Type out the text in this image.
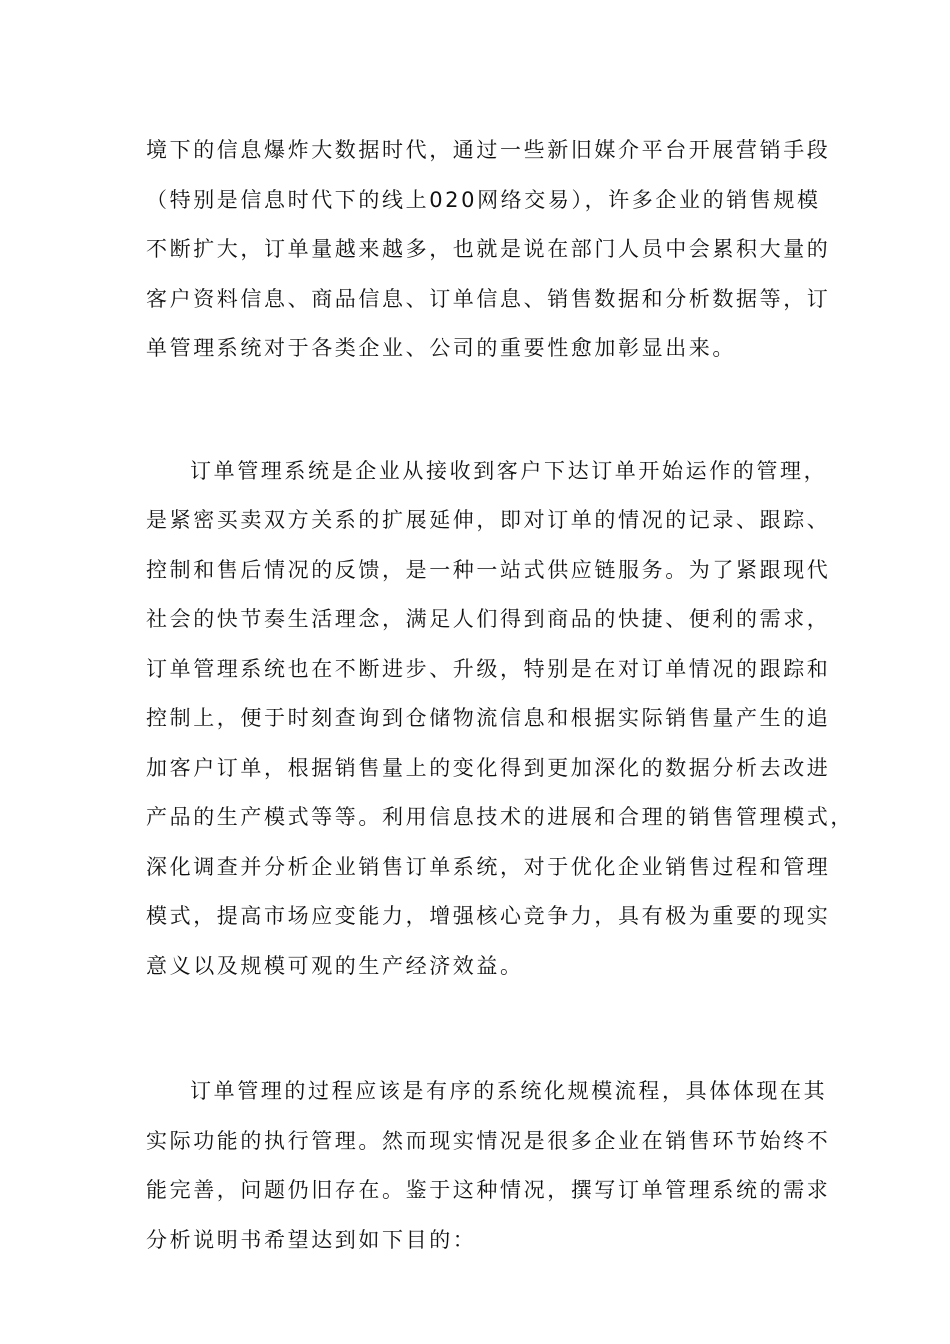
境下的信息爆炸大数据时代，通过一些新旧媒介平台开展营销手段
（特别是信息时代下的线上020网络交易），许多企业的销售规模
不断扩大，订单量越来越多，也就是说在部门人员中会累积大量的
客户资料信息、商品信息、订单信息、销售数据和分析数据等，订
单管理系统对于各类企业、公司的重要性愈加彰显出来。
订单管理系统是企业从接收到客户下达订单开始运作的管理，
是紧密买卖双方关系的扩展延伸，即对订单的情况的记录、跟踪、
控制和售后情况的反馈，是一种一站式供应链服务。为了紧跟现代
社会的快节奏生活理念，满足人们得到商品的快捷、便利的需求，
订单管理系统也在不断进步、升级，特别是在对订单情况的跟踪和
控制上，便于时刻查询到仓储物流信息和根据实际销售量产生的追
加客户订单，根据销售量上的变化得到更加深化的数据分析去改进
产品的生产模式等等。利用信息技术的进展和合理的销售管理模式，
深化调查并分析企业销售订单系统，对于优化企业销售过程和管理
模式，提高市场应变能力，增强核心竞争力，具有极为重要的现实
意义以及规模可观的生产经济效益。
订单管理的过程应该是有序的系统化规模流程，具体体现在其
实际功能的执行管理。然而现实情况是很多企业在销售环节始终不
能完善，问题仍旧存在。鉴于这种情况，撰写订单管理系统的需求
分析说明书希望达到如下目的：
